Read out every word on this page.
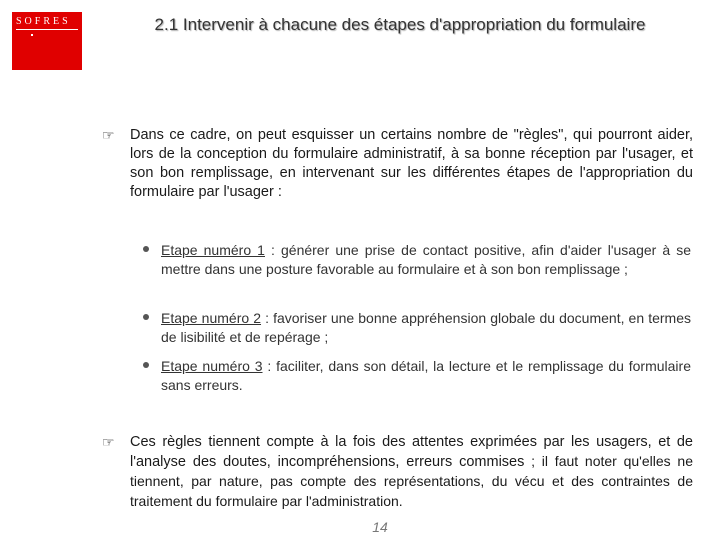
SOFRES	2.1 Intervenir à chacune des étapes d'appropriation du formulaire
☞ Dans ce cadre, on peut esquisser un certains nombre de "règles", qui pourront aider, lors de la conception du formulaire administratif, à sa bonne réception par l'usager, et son bon remplissage, en intervenant sur les différentes étapes de l'appropriation du formulaire par l'usager :

Etape numéro 1 : générer une prise de contact positive, afin d'aider l'usager à se mettre dans une posture favorable au formulaire et à son bon remplissage ;

Etape numéro 2 : favoriser une bonne appréhension globale du document, en termes de lisibilité et de repérage ;

Etape numéro 3 : faciliter, dans son détail, la lecture et le remplissage du formulaire sans erreurs.

☞ Ces règles tiennent compte à la fois des attentes exprimées par les usagers, et de l'analyse des doutes, incompréhensions, erreurs commises ; il faut noter qu'elles ne tiennent, par nature, pas compte des représentations, du vécu et des contraintes de traitement du formulaire par l'administration.

14
